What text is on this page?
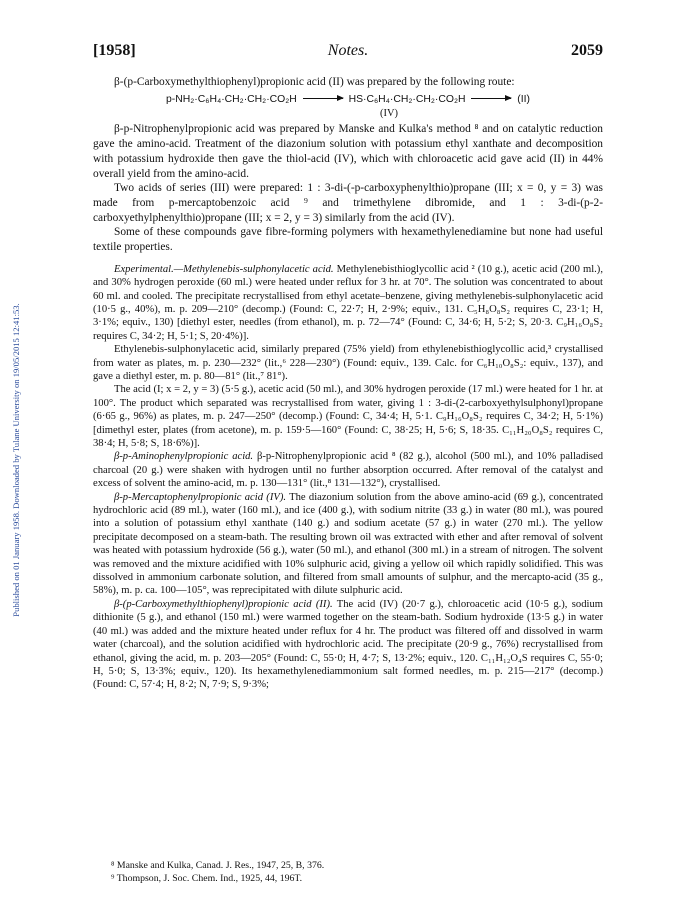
Published on 01 January 1958. Downloaded by Tulane University on 19/05/2015 12:41:53.
[1958]	Notes.	2059

β-(p-Carboxymethylthiophenyl)propionic acid (II) was prepared by the following route:

p-NH₂·C₆H₄·CH₂·CH₂·CO₂H → HS·C₆H₄·CH₂·CH₂·CO₂H → (II)
(IV)

β-p-Nitrophenylpropionic acid was prepared by Manske and Kulka's method ⁸ and on catalytic reduction gave the amino-acid. Treatment of the diazonium solution with potassium ethyl xanthate and decomposition with potassium hydroxide then gave the thiol-acid (IV), which with chloroacetic acid gave acid (II) in 44% overall yield from the amino-acid.

Two acids of series (III) were prepared: 1 : 3-di-(-p-carboxyphenylthio)propane (III; x = 0, y = 3) was made from p-mercaptobenzoic acid ⁹ and trimethylene dibromide, and 1 : 3-di-(p-2-carboxyethylphenylthio)propane (III; x = 2, y = 3) similarly from the acid (IV).

Some of these compounds gave fibre-forming polymers with hexamethylenediamine but none had useful textile properties.

Experimental.—Methylenebis-sulphonylacetic acid. Methylenebisthioglycollic acid ² (10 g.), acetic acid (200 ml.), and 30% hydrogen peroxide (60 ml.) were heated under reflux for 3 hr. at 70°. The solution was concentrated to about 60 ml. and cooled. The precipitate recrystallised from ethyl acetate–benzene, giving methylenebis-sulphonylacetic acid (10·5 g., 40%), m. p. 209—210° (decomp.) (Found: C, 22·7; H, 2·9%; equiv., 131. C₅H₈O₈S₂ requires C, 23·1; H, 3·1%; equiv., 130) [diethyl ester, needles (from ethanol), m. p. 72—74° (Found: C, 34·6; H, 5·2; S, 20·3. C₉H₁₆O₈S₂ requires C, 34·2; H, 5·1; S, 20·4%)].

Ethylenebis-sulphonylacetic acid, similarly prepared (75% yield) from ethylenebisthioglycollic acid,³ crystallised from water as plates, m. p. 230—232° (lit.,⁶ 228—230°) (Found: equiv., 139. Calc. for C₆H₁₀O₈S₂: equiv., 137), and gave a diethyl ester, m. p. 80—81° (lit.,⁷ 81°).

The acid (I; x = 2, y = 3) (5·5 g.), acetic acid (50 ml.), and 30% hydrogen peroxide (17 ml.) were heated for 1 hr. at 100°. The product which separated was recrystallised from water, giving 1 : 3-di-(2-carboxyethylsulphonyl)propane (6·65 g., 96%) as plates, m. p. 247—250° (decomp.) (Found: C, 34·4; H, 5·1. C₉H₁₆O₈S₂ requires C, 34·2; H, 5·1%) [dimethyl ester, plates (from acetone), m. p. 159·5—160° (Found: C, 38·25; H, 5·6; S, 18·35. C₁₁H₂₀O₈S₂ requires C, 38·4; H, 5·8; S, 18·6%)].

β-p-Aminophenylpropionic acid. β-p-Nitrophenylpropionic acid ⁸ (82 g.), alcohol (500 ml.), and 10% palladised charcoal (20 g.) were shaken with hydrogen until no further absorption occurred. After removal of the catalyst and excess of solvent the amino-acid, m. p. 130—131° (lit.,⁸ 131—132°), crystallised.

β-p-Mercaptophenylpropionic acid (IV). The diazonium solution from the above amino-acid (69 g.), concentrated hydrochloric acid (89 ml.), water (160 ml.), and ice (400 g.), with sodium nitrite (33 g.) in water (80 ml.), was poured into a solution of potassium ethyl xanthate (140 g.) and sodium acetate (57 g.) in water (270 ml.). The yellow precipitate decomposed on a steam-bath. The resulting brown oil was extracted with ether and after removal of solvent was heated with potassium hydroxide (56 g.), water (50 ml.), and ethanol (300 ml.) in a stream of nitrogen. The solvent was removed and the mixture acidified with 10% sulphuric acid, giving a yellow oil which rapidly solidified. This was dissolved in ammonium carbonate solution, and filtered from small amounts of sulphur, and the mercapto-acid (35 g., 58%), m. p. ca. 100—105°, was reprecipitated with dilute sulphuric acid.

β-(p-Carboxymethylthiophenyl)propionic acid (II). The acid (IV) (20·7 g.), chloroacetic acid (10·5 g.), sodium dithionite (5 g.), and ethanol (150 ml.) were warmed together on the steam-bath. Sodium hydroxide (13·5 g.) in water (40 ml.) was added and the mixture heated under reflux for 4 hr. The product was filtered off and dissolved in warm water (charcoal), and the solution acidified with hydrochloric acid. The precipitate (20·9 g., 76%) recrystallised from ethanol, giving the acid, m. p. 203—205° (Found: C, 55·0; H, 4·7; S, 13·2%; equiv., 120. C₁₁H₁₂O₄S requires C, 55·0; H, 5·0; S, 13·3%; equiv., 120). Its hexamethylenediammonium salt formed needles, m. p. 215—217° (decomp.) (Found: C, 57·4; H, 8·2; N, 7·9; S, 9·3%;

⁸ Manske and Kulka, Canad. J. Res., 1947, 25, B, 376.

⁹ Thompson, J. Soc. Chem. Ind., 1925, 44, 196T.
